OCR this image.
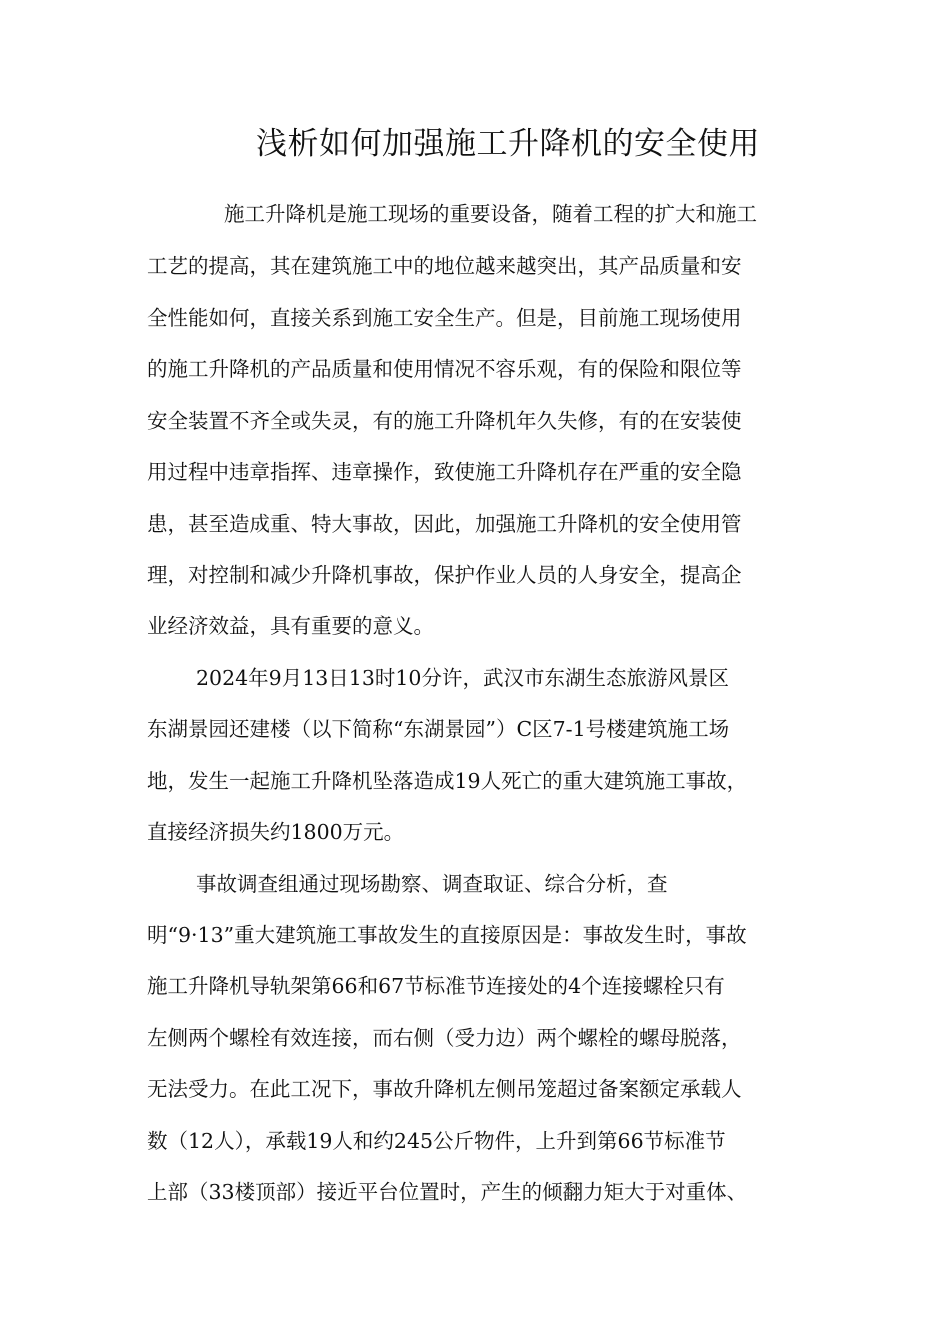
浅析如何加强施工升降机的安全使用

施工升降机是施工现场的重要设备，随着工程的扩大和施工

工艺的提高，其在建筑施工中的地位越来越突出，其产品质量和安

全性能如何，直接关系到施工安全生产。但是，目前施工现场使用

的施工升降机的产品质量和使用情况不容乐观，有的保险和限位等

安全装置不齐全或失灵，有的施工升降机年久失修，有的在安装使

用过程中违章指挥、违章操作，致使施工升降机存在严重的安全隐

患，甚至造成重、特大事故，因此，加强施工升降机的安全使用管

理，对控制和减少升降机事故，保护作业人员的人身安全，提高企

业经济效益，具有重要的意义。

2024年9月13日13时10分许，武汉市东湖生态旅游风景区

东湖景园还建楼（以下简称“东湖景园”）C区7-1号楼建筑施工场

地，发生一起施工升降机坠落造成19人死亡的重大建筑施工事故，

直接经济损失约1800万元。

事故调查组通过现场勘察、调查取证、综合分析，查

明“9·13”重大建筑施工事故发生的直接原因是：事故发生时，事故

施工升降机导轨架第66和67节标准节连接处的4个连接螺栓只有

左侧两个螺栓有效连接，而右侧（受力边）两个螺栓的螺母脱落，

无法受力。在此工况下，事故升降机左侧吊笼超过备案额定承载人

数（12人），承载19人和约245公斤物件，上升到第66节标准节

上部（33楼顶部）接近平台位置时，产生的倾翻力矩大于对重体、
